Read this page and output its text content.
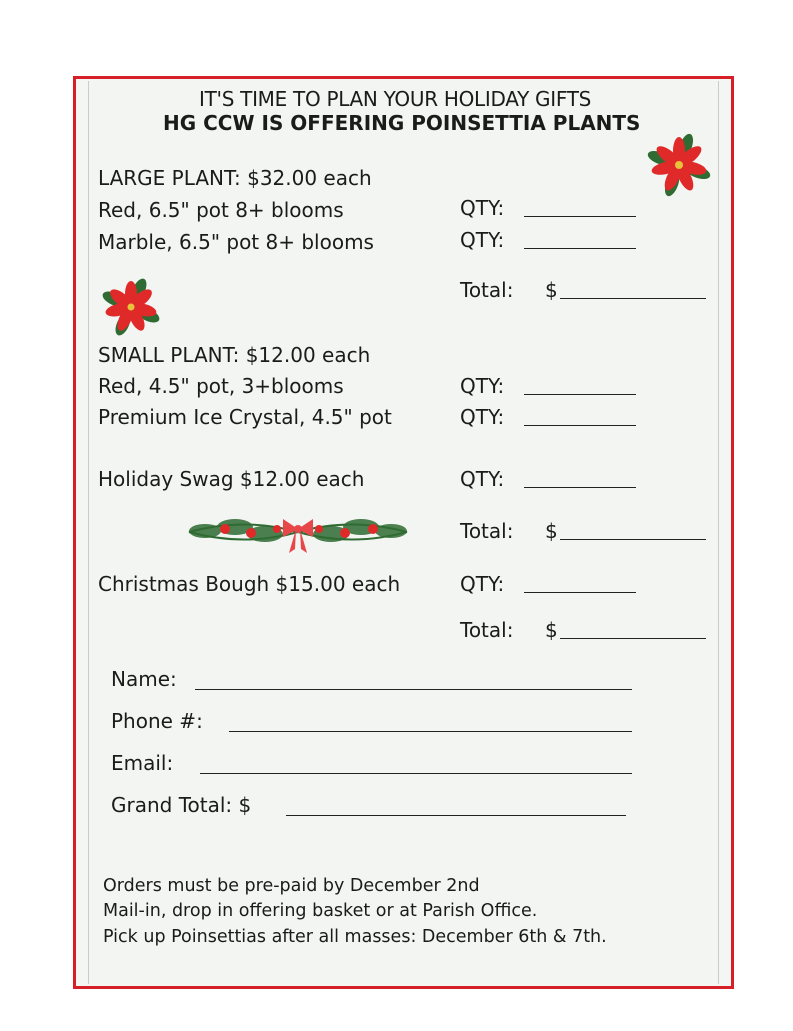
IT'S TIME TO PLAN YOUR HOLIDAY GIFTS
HG CCW IS OFFERING POINSETTIA PLANTS
LARGE PLANT: $32.00 each
Red, 6.5" pot 8+ blooms	QTY:
Marble, 6.5" pot 8+ blooms	QTY:
Total: $
SMALL PLANT: $12.00 each
Red, 4.5" pot, 3+blooms	QTY:
Premium Ice Crystal, 4.5" pot	QTY:
Holiday Swag $12.00 each	QTY:
Total: $
Christmas Bough $15.00 each	QTY:
Total: $
Name:
Phone #:
Email:
Grand Total: $
Orders must be pre-paid by December 2nd
Mail-in, drop in offering basket or at Parish Office.
Pick up Poinsettias after all masses: December 6th & 7th.
